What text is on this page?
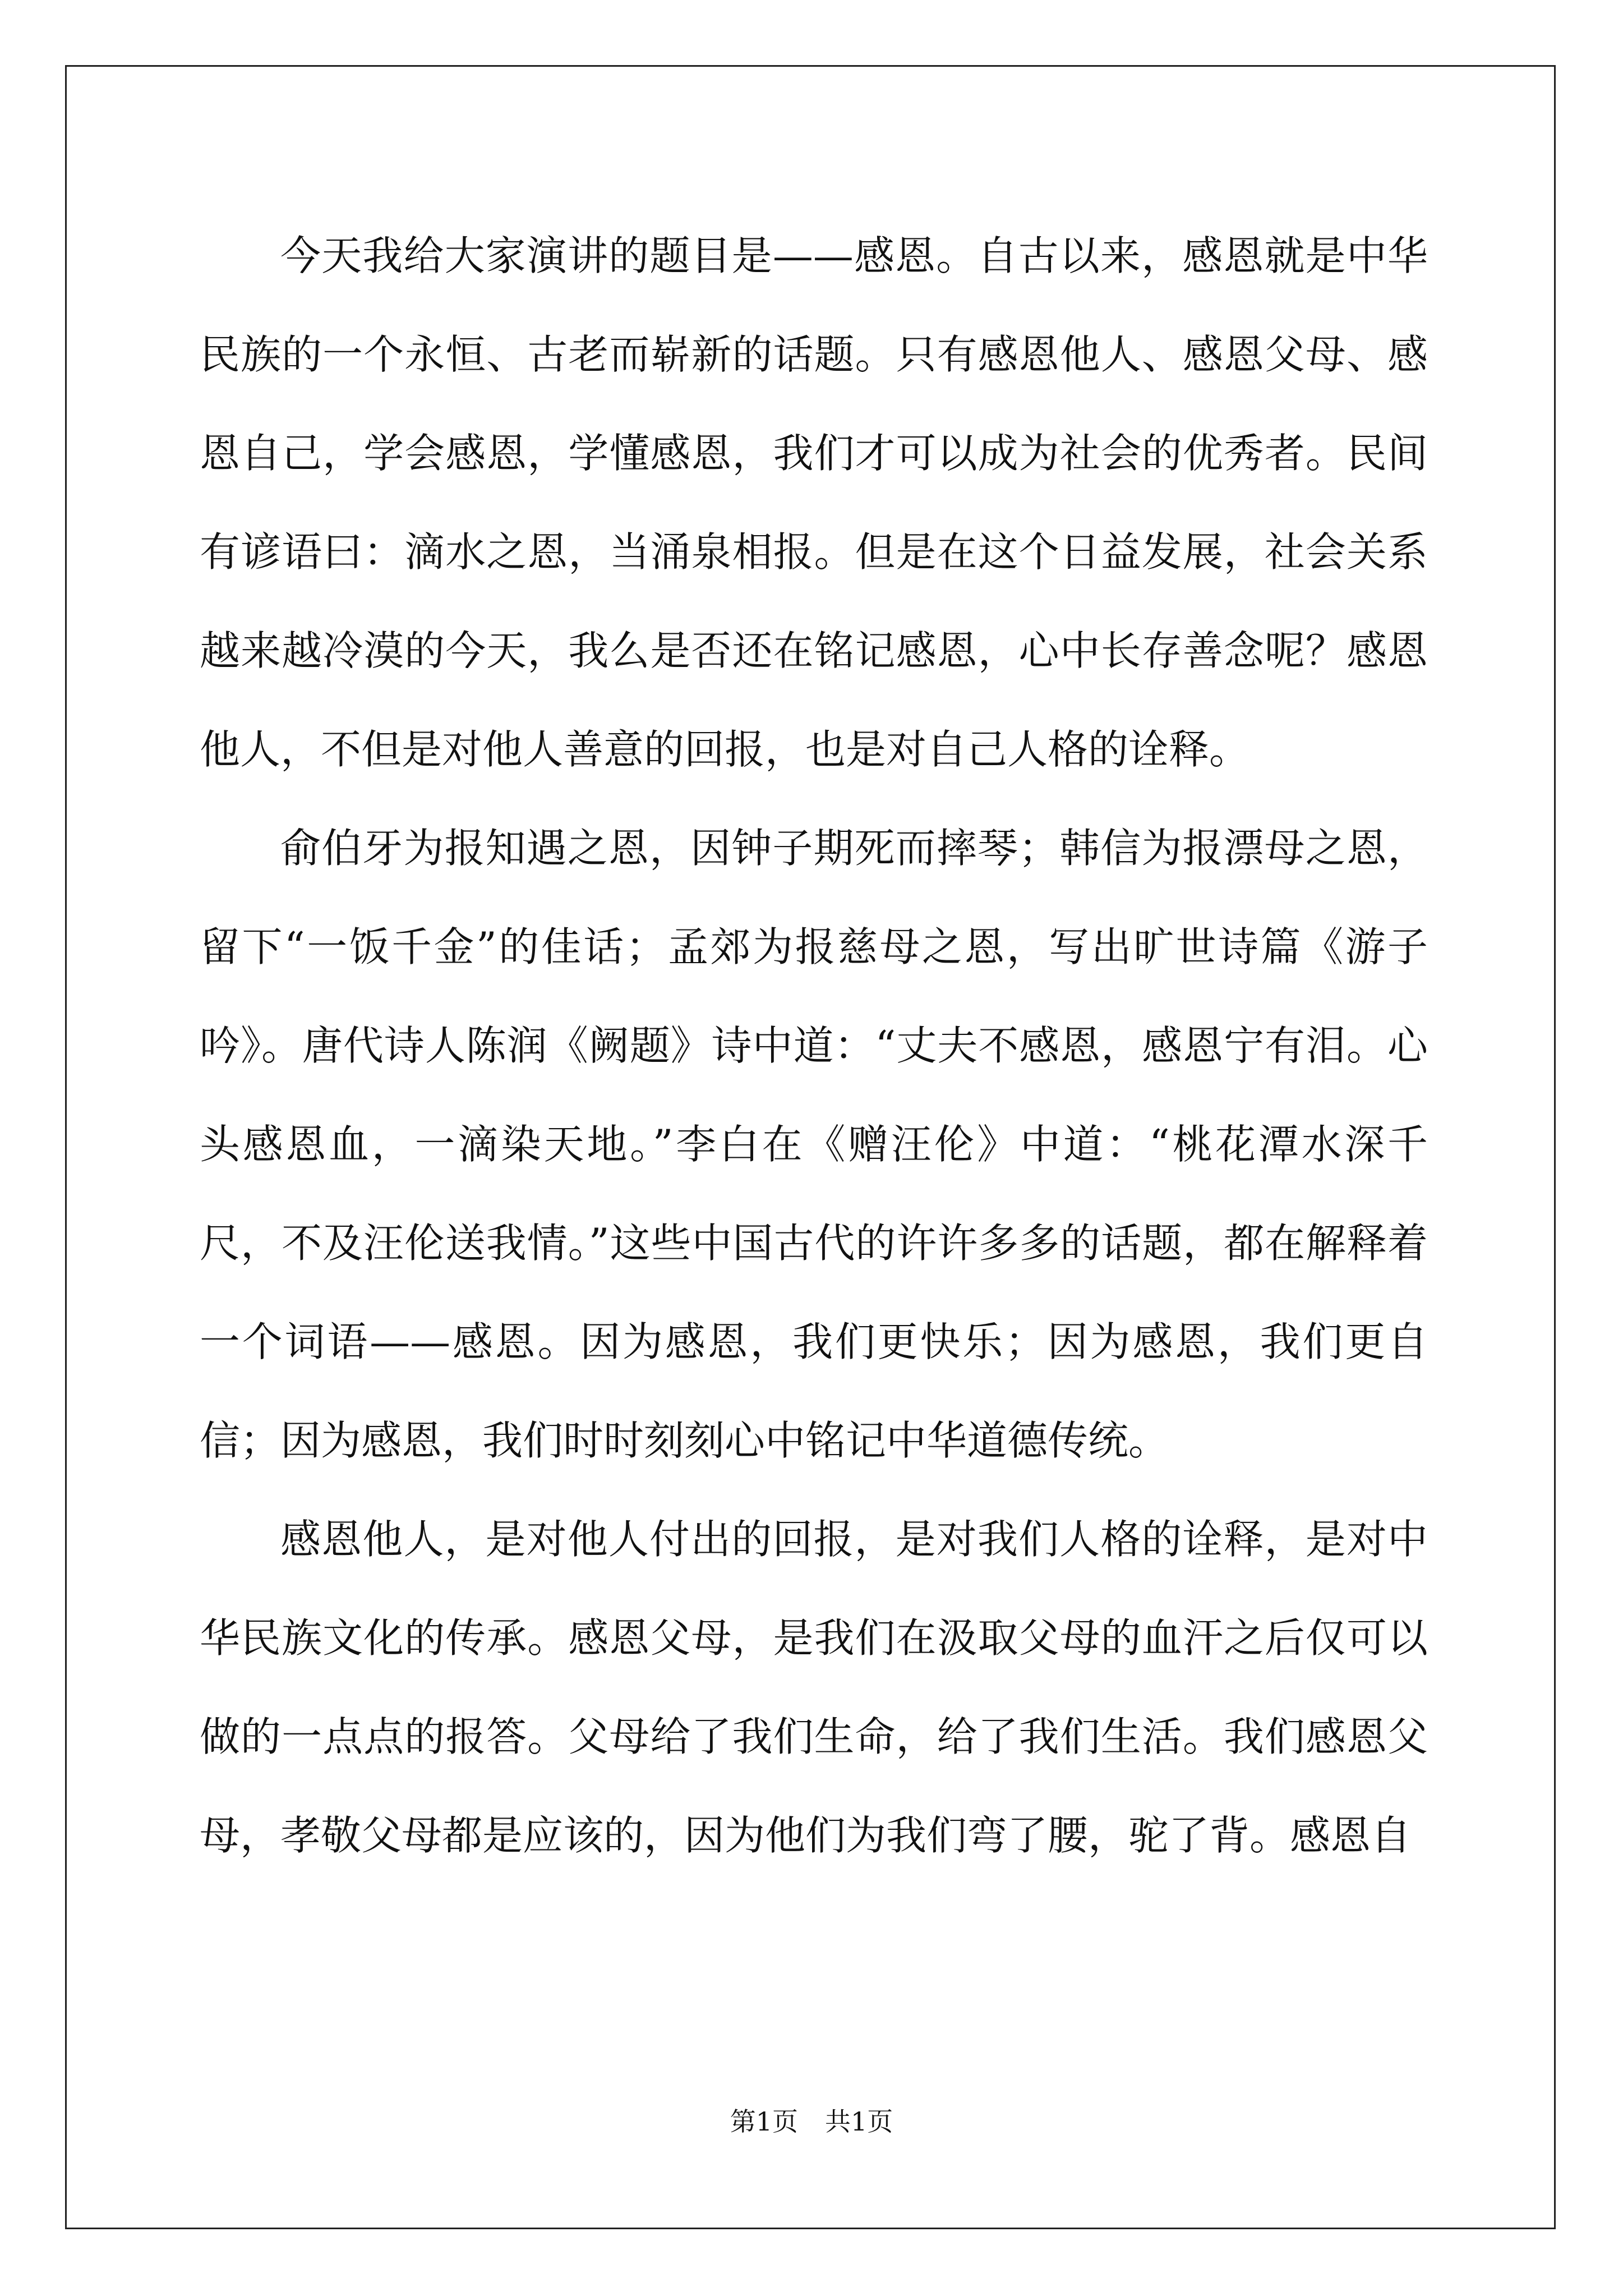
今天我给大家演讲的题目是——感恩。自古以来，感恩就是中华民族的一个永恒、古老而崭新的话题。只有感恩他人、感恩父母、感恩自己，学会感恩，学懂感恩，我们才可以成为社会的优秀者。民间有谚语曰：滴水之恩，当涌泉相报。但是在这个日益发展，社会关系越来越冷漠的今天，我么是否还在铭记感恩，心中长存善念呢？感恩他人，不但是对他人善意的回报，也是对自己人格的诠释。

俞伯牙为报知遇之恩，因钟子期死而摔琴；韩信为报漂母之恩，留下“一饭千金”的佳话；孟郊为报慈母之恩，写出旷世诗篇《游子吟》。唐代诗人陈润《阙题》诗中道：“丈夫不感恩，感恩宁有泪。心头感恩血，一滴染天地。”李白在《赠汪伦》中道：“桃花潭水深千尺，不及汪伦送我情。”这些中国古代的许许多多的话题，都在解释着一个词语——感恩。因为感恩，我们更快乐；因为感恩，我们更自信；因为感恩，我们时时刻刻心中铭记中华道德传统。

感恩他人，是对他人付出的回报，是对我们人格的诠释，是对中华民族文化的传承。感恩父母，是我们在汲取父母的血汗之后仅可以做的一点点的报答。父母给了我们生命，给了我们生活。我们感恩父母，孝敬父母都是应该的，因为他们为我们弯了腰，驼了背。感恩自

第1页 共1页
